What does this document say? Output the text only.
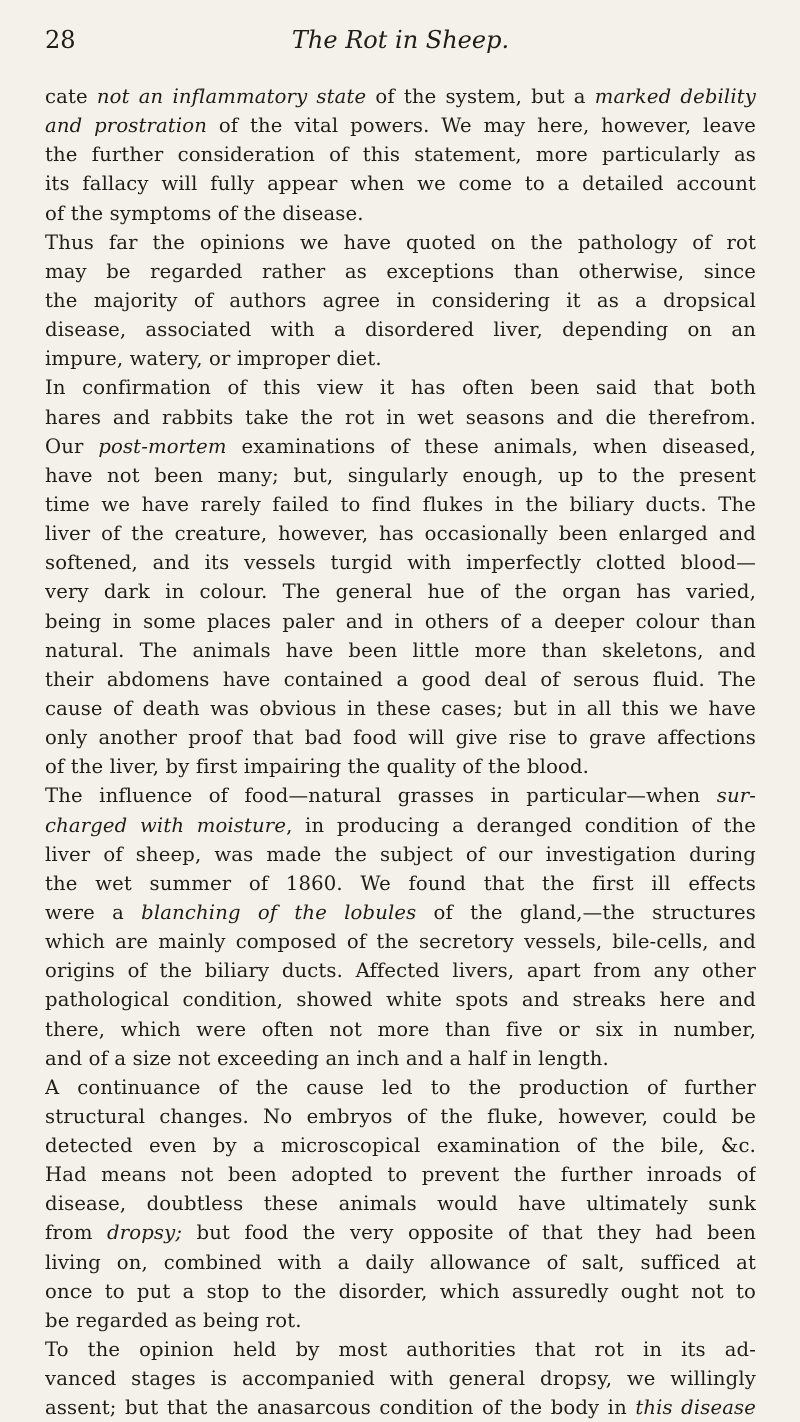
28	The Rot in Sheep.
cate not an inflammatory state of the system, but a marked debility
and prostration of the vital powers. We may here, however, leave
the further consideration of this statement, more particularly as
its fallacy will fully appear when we come to a detailed account
of the symptoms of the disease.
Thus far the opinions we have quoted on the pathology of rot
may be regarded rather as exceptions than otherwise, since
the majority of authors agree in considering it as a dropsical
disease, associated with a disordered liver, depending on an
impure, watery, or improper diet.
In confirmation of this view it has often been said that both
hares and rabbits take the rot in wet seasons and die therefrom.
Our post-mortem examinations of these animals, when diseased,
have not been many; but, singularly enough, up to the present
time we have rarely failed to find flukes in the biliary ducts. The
liver of the creature, however, has occasionally been enlarged and
softened, and its vessels turgid with imperfectly clotted blood—
very dark in colour. The general hue of the organ has varied,
being in some places paler and in others of a deeper colour than
natural. The animals have been little more than skeletons, and
their abdomens have contained a good deal of serous fluid. The
cause of death was obvious in these cases; but in all this we have
only another proof that bad food will give rise to grave affections
of the liver, by first impairing the quality of the blood.
The influence of food—natural grasses in particular—when sur-
charged with moisture, in producing a deranged condition of the
liver of sheep, was made the subject of our investigation during
the wet summer of 1860. We found that the first ill effects
were a blanching of the lobules of the gland,—the structures
which are mainly composed of the secretory vessels, bile-cells, and
origins of the biliary ducts. Affected livers, apart from any other
pathological condition, showed white spots and streaks here and
there, which were often not more than five or six in number,
and of a size not exceeding an inch and a half in length.
A continuance of the cause led to the production of further
structural changes. No embryos of the fluke, however, could be
detected even by a microscopical examination of the bile, &c.
Had means not been adopted to prevent the further inroads of
disease, doubtless these animals would have ultimately sunk
from dropsy; but food the very opposite of that they had been
living on, combined with a daily allowance of salt, sufficed at
once to put a stop to the disorder, which assuredly ought not to
be regarded as being rot.
To the opinion held by most authorities that rot in its ad-
vanced stages is accompanied with general dropsy, we willingly
assent; but that the anasarcous condition of the body in this disease
